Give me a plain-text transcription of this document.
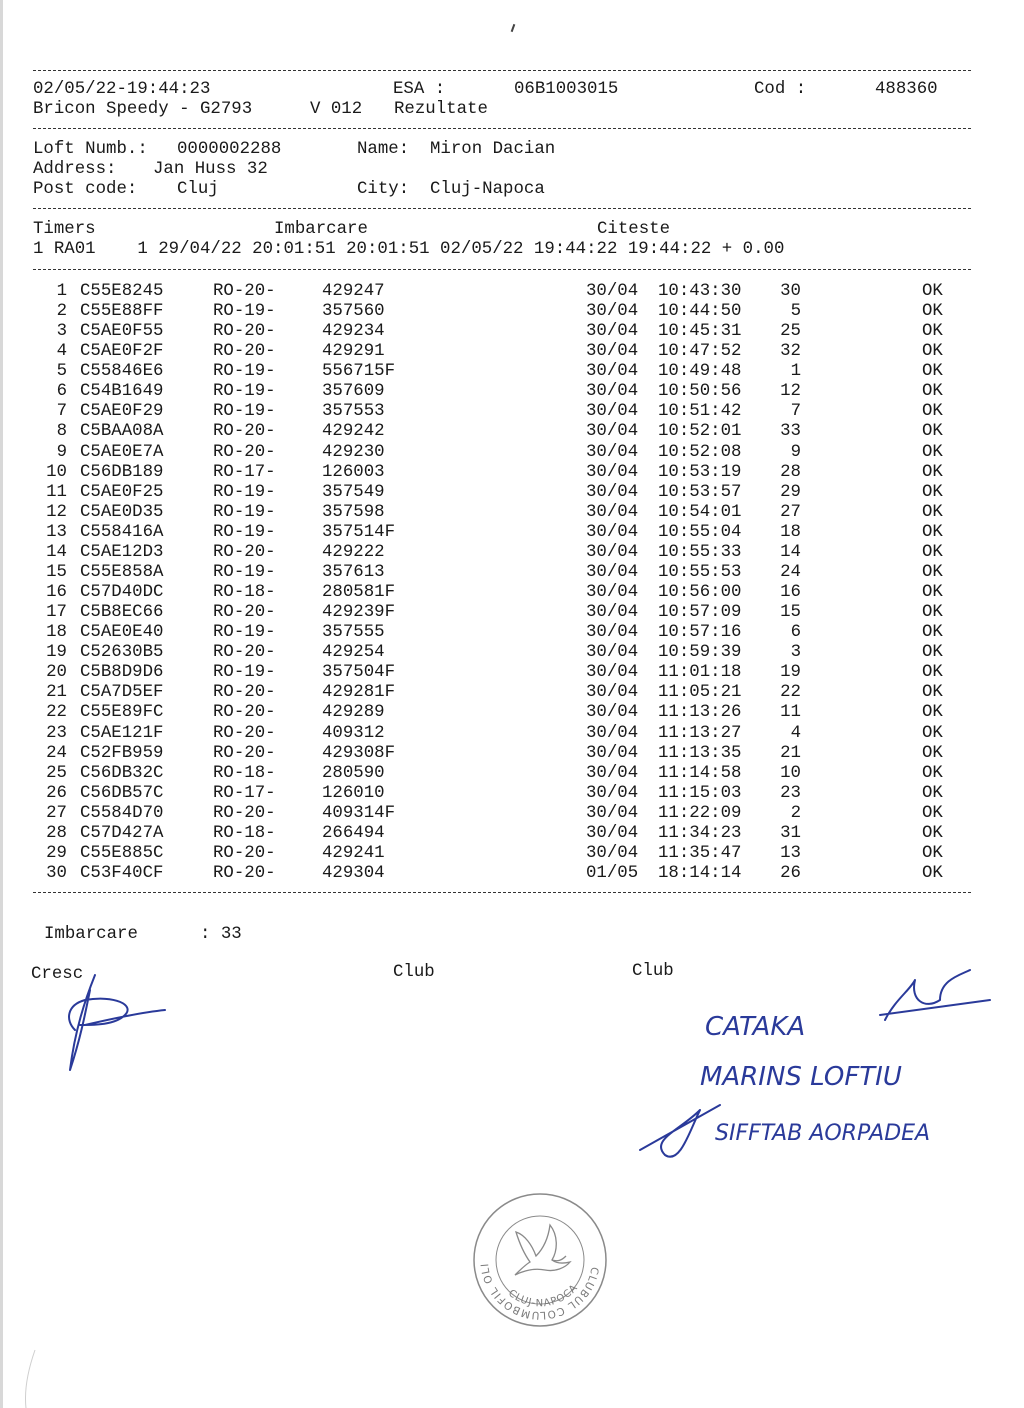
02/05/22-19:44:23	ESA :	06B1003015	Cod :	488360
Bricon Speedy - G2793	V 012 Rezultate
Loft Numb.: 0000002288	Name: Miron Dacian
Address: Jan Huss 32
Post code: Cluj	City: Cluj-Napoca
Timers	Imbarcare	Citeste
1 RA01    1 29/04/22 20:01:51 20:01:51 02/05/22 19:44:22 19:44:22 + 0.00
1 C55E8245	RO-20-	429247	30/04 10:43:30 30	OK
2 C55E88FF	RO-19-	357560	30/04 10:44:50	5	OK
3 C5AE0F55	RO-20-	429234	30/04 10:45:31 25	OK
4 C5AE0F2F	RO-20-	429291	30/04 10:47:52 32	OK
5 C55846E6	RO-19-	556715F	30/04 10:49:48	1	OK
6 C54B1649	RO-19-	357609	30/04 10:50:56 12	OK
7 C5AE0F29	RO-19-	357553	30/04 10:51:42	7	OK
8 C5BAA08A	RO-20-	429242	30/04 10:52:01 33	OK
9 C5AE0E7A	RO-20-	429230	30/04 10:52:08	9	OK
10 C56DB189	RO-17-	126003	30/04 10:53:19 28	OK
11 C5AE0F25	RO-19-	357549	30/04 10:53:57 29	OK
12 C5AE0D35	RO-19-	357598	30/04 10:54:01 27	OK
13 C558416A	RO-19-	357514F	30/04 10:55:04 18	OK
14 C5AE12D3	RO-20-	429222	30/04 10:55:33 14	OK
15 C55E858A	RO-19-	357613	30/04 10:55:53 24	OK
16 C57D40DC	RO-18-	280581F	30/04 10:56:00 16	OK
17 C5B8EC66	RO-20-	429239F	30/04 10:57:09 15	OK
18 C5AE0E40	RO-19-	357555	30/04 10:57:16	6	OK
19 C52630B5	RO-20-	429254	30/04 10:59:39	3	OK
20 C5B8D9D6	RO-19-	357504F	30/04 11:01:18 19	OK
21 C5A7D5EF	RO-20-	429281F	30/04 11:05:21 22	OK
22 C55E89FC	RO-20-	429289	30/04 11:13:26 11	OK
23 C5AE121F	RO-20-	409312	30/04 11:13:27	4	OK
24 C52FB959	RO-20-	429308F	30/04 11:13:35 21	OK
25 C56DB32C	RO-18-	280590	30/04 11:14:58 10	OK
26 C56DB57C	RO-17-	126010	30/04 11:15:03 23	OK
27 C5584D70	RO-20-	409314F	30/04 11:22:09	2	OK
28 C57D427A	RO-18-	266494	30/04 11:34:23 31	OK
29 C55E885C	RO-20-	429241	30/04 11:35:47 13	OK
30 C53F40CF	RO-20-	429304	01/05 18:14:14 26	OK
Imbarcare	: 33
Cresc	Club	Club
CATAKA
MARINS LOFTIU
SIFFTAB AORPADEA
CLUBUL COLUMBOFIL OLIMPIA 04
CLUJ-NAPOCA
